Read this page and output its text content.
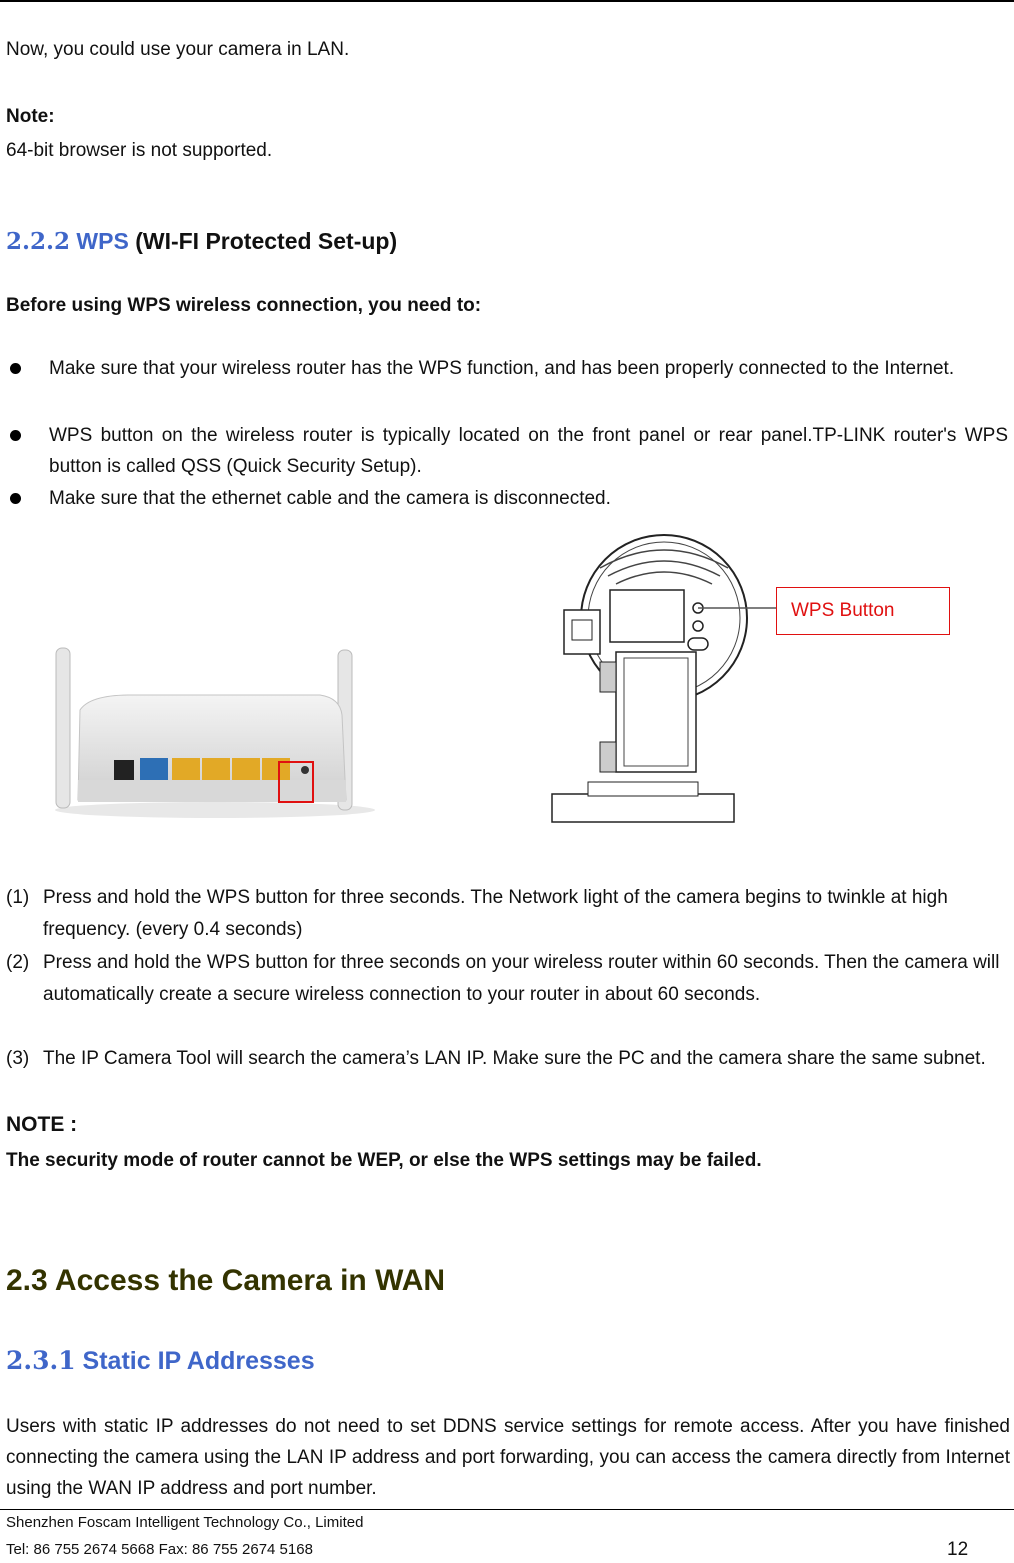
Now, you could use your camera in LAN.

Note:

64-bit browser is not supported.

2.2.2 WPS (WI-FI Protected Set-up)

Before using WPS wireless connection, you need to:

Make sure that your wireless router has the WPS function, and has been properly connected to the Internet.
WPS button on the wireless router is typically located on the front panel or rear panel.TP-LINK router's WPS button is called QSS (Quick Security Setup).
Make sure that the ethernet cable and the camera is disconnected.
WPS Button
(1) Press and hold the WPS button for three seconds. The Network light of the camera begins to twinkle at high frequency. (every 0.4 seconds)
(2) Press and hold the WPS button for three seconds on your wireless router within 60 seconds. Then the camera will automatically create a secure wireless connection to your router in about 60 seconds.
(3) The IP Camera Tool will search the camera’s LAN IP. Make sure the PC and the camera share the same subnet.

NOTE :

The security mode of router cannot be WEP, or else the WPS settings may be failed.

2.3 Access the Camera in WAN
2.3.1 Static IP Addresses
Users with static IP addresses do not need to set DDNS service settings for remote access. After you have finished connecting the camera using the LAN IP address and port forwarding, you can access the camera directly from Internet using the WAN IP address and port number.
Shenzhen Foscam Intelligent Technology Co., Limited
Tel: 86 755 2674 5668 Fax: 86 755 2674 5168	12
